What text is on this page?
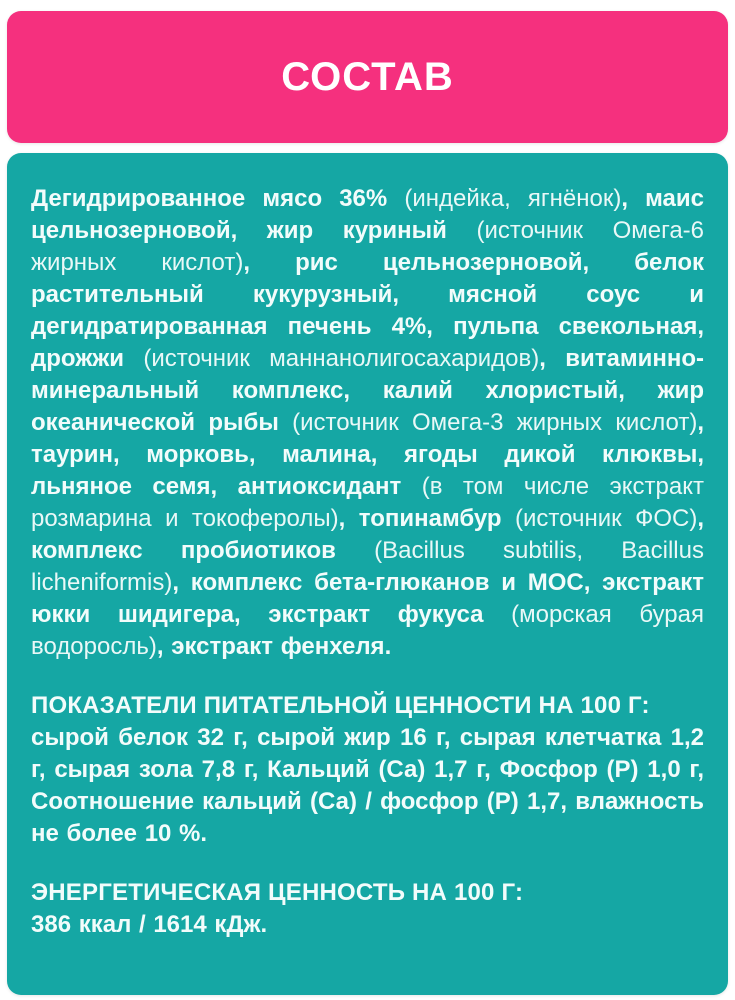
СОСТАВ

Дегидрированное мясо 36% (индейка, ягнёнок), маис цельнозерновой, жир куриный (источник Омега-6 жирных кислот), рис цельнозерновой, белок растительный кукурузный, мясной соус и дегидратированная печень 4%, пульпа свекольная, дрожжи (источник маннанолигосахаридов), витаминно-минеральный комплекс, калий хлористый, жир океанической рыбы (источник Омега-3 жирных кислот), таурин, морковь, малина, ягоды дикой клюквы, льняное семя, антиоксидант (в том числе экстракт розмарина и токоферолы), топинамбур (источник ФОС), комплекс пробиотиков (Bacillus subtilis, Bacillus licheniformis), комплекс бета-глюканов и МОС, экстракт юкки шидигера, экстракт фукуса (морская бурая водоросль), экстракт фенхеля.

ПОКАЗАТЕЛИ ПИТАТЕЛЬНОЙ ЦЕННОСТИ НА 100 Г:

сырой белок 32 г, сырой жир 16 г, сырая клетчатка 1,2 г, сырая зола 7,8 г, Кальций (Са) 1,7 г, Фосфор (Р) 1,0 г, Соотношение кальций (Са) / фосфор (Р) 1,7, влажность не более 10 %.

ЭНЕРГЕТИЧЕСКАЯ ЦЕННОСТЬ НА 100 Г:

386 ккал / 1614 кДж.
